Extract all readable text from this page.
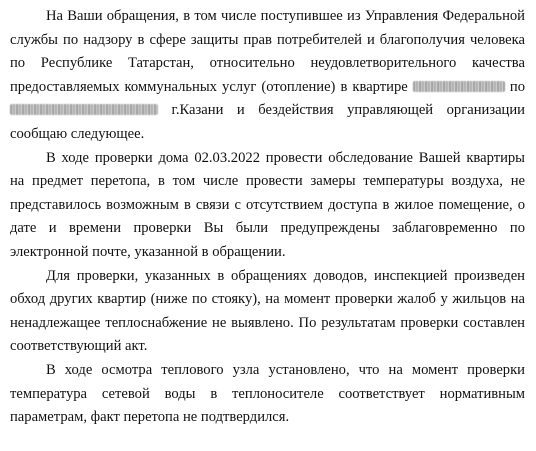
На Ваши обращения, в том числе поступившее из Управления Федеральной службы по надзору в сфере защиты прав потребителей и благополучия человека по Республике Татарстан, относительно неудовлетворительного качества предоставляемых коммунальных услуг (отопление) в квартире	по  г.Казани и бездействия управляющей организации сообщаю следующее.

В ходе проверки дома 02.03.2022 провести обследование Вашей квартиры на предмет перетопа, в том числе провести замеры температуры воздуха, не представилось возможным в связи с отсутствием доступа в жилое помещение, о дате и времени проверки Вы были предупреждены заблаговременно по электронной почте, указанной в обращении.

Для проверки, указанных в обращениях доводов, инспекцией произведен обход других квартир (ниже по стояку), на момент проверки жалоб у жильцов на ненадлежащее теплоснабжение не выявлено. По результатам проверки составлен соответствующий акт.

В ходе осмотра теплового узла установлено, что на момент проверки температура сетевой воды в теплоносителе соответствует нормативным параметрам, факт перетопа не подтвердился.
